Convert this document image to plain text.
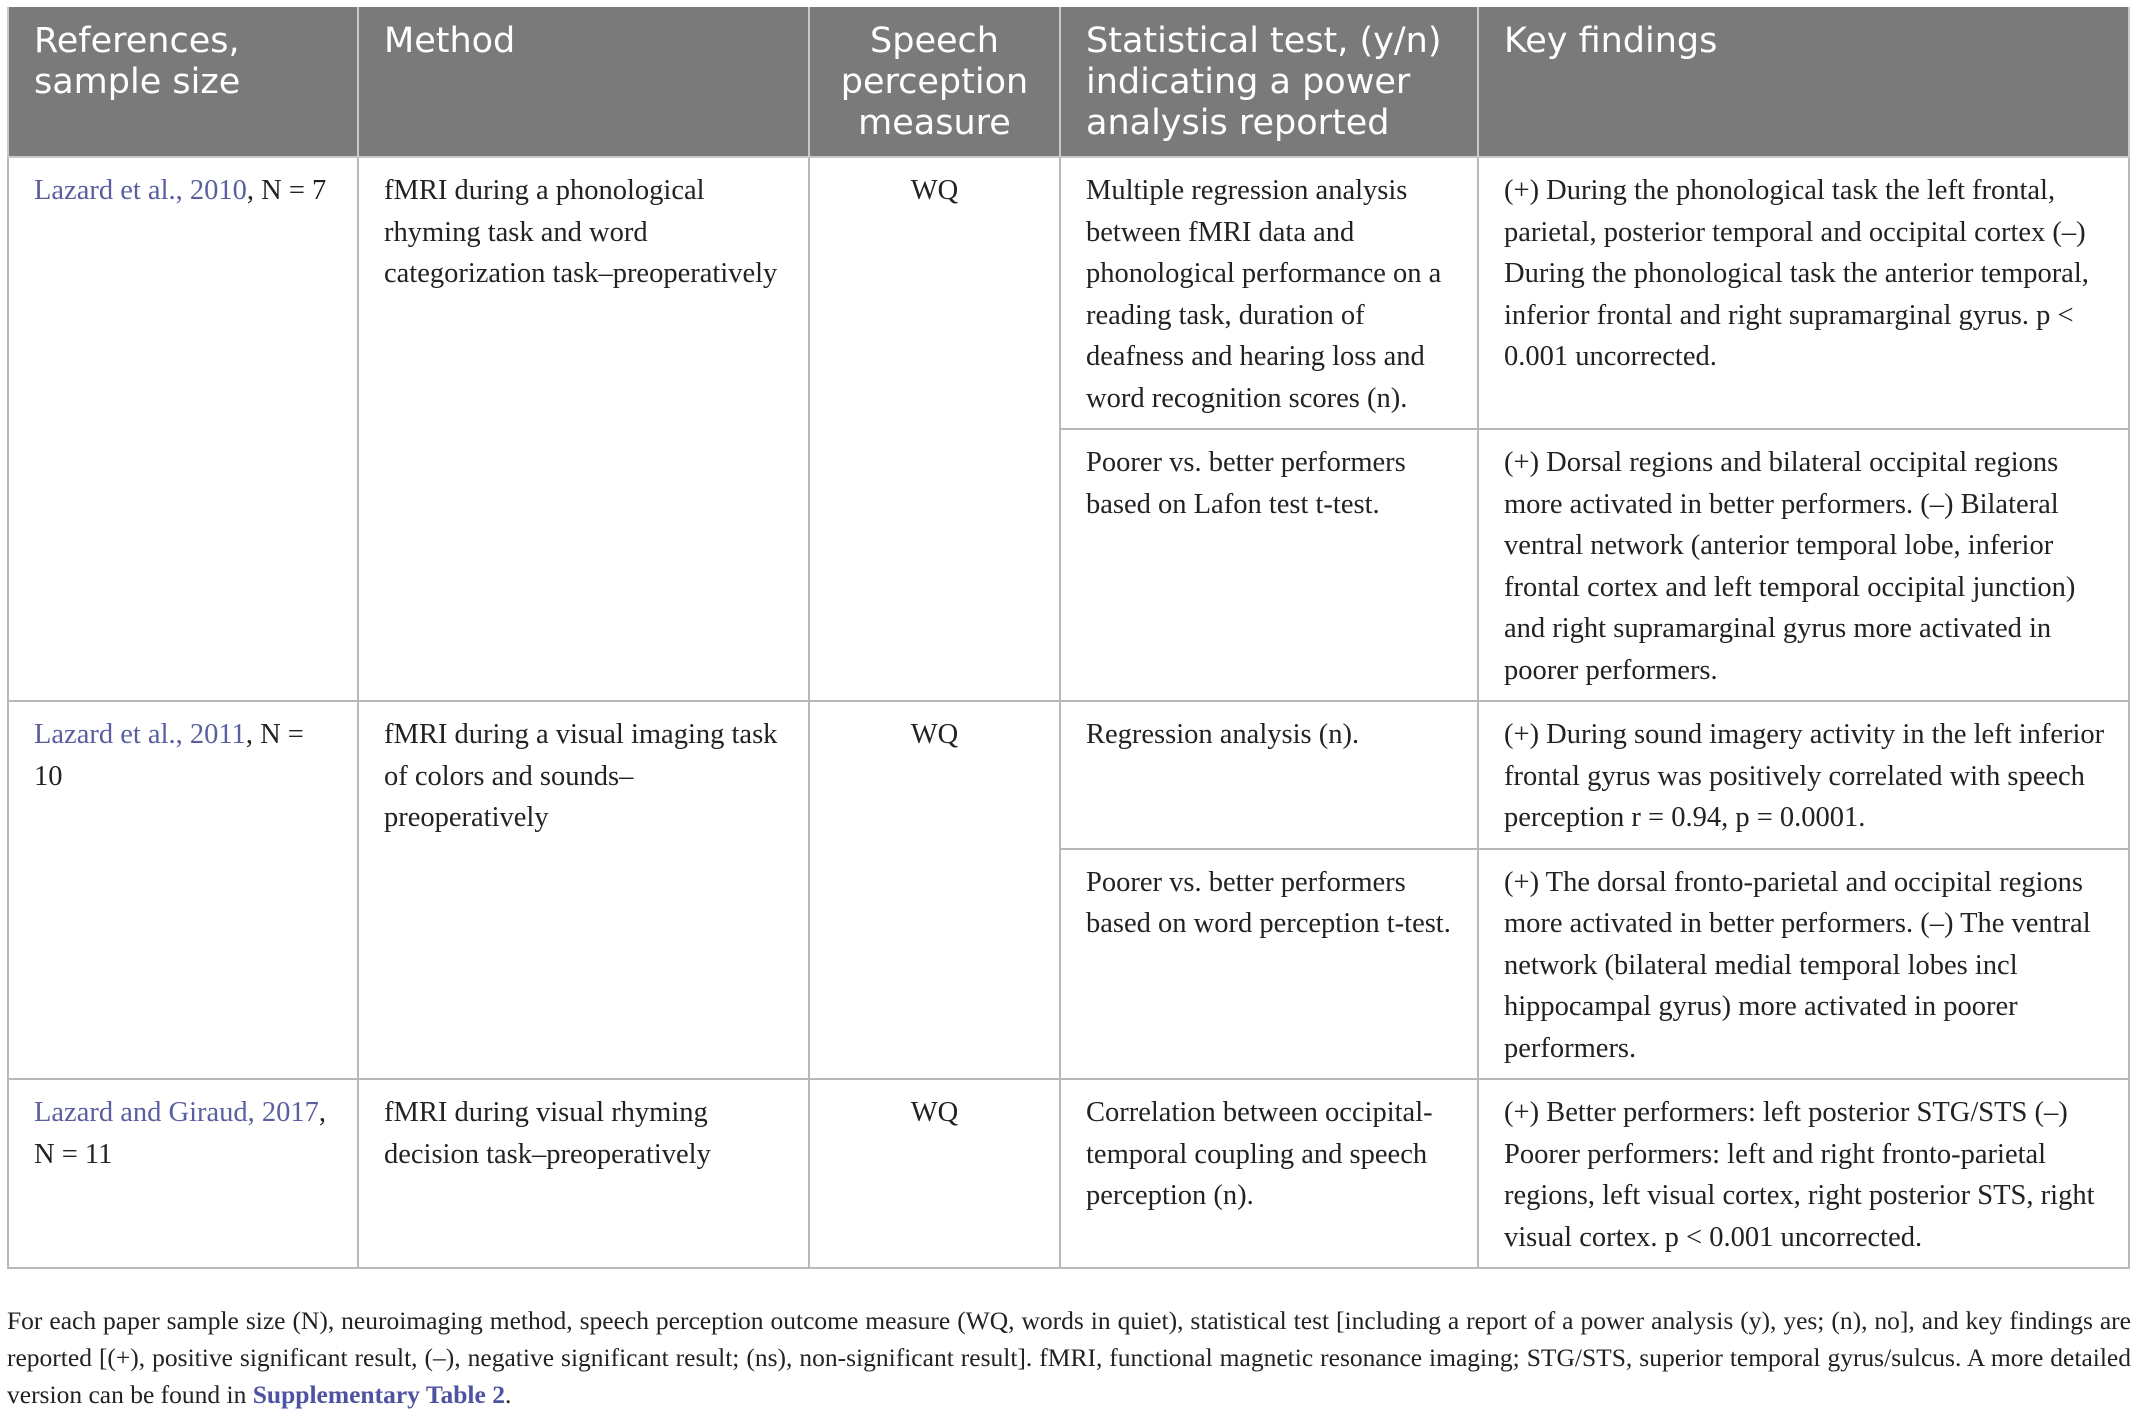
References, sample size	Method	Speech perception measure	Statistical test, (y/n) indicating a power analysis reported	Key findings
Lazard et al., 2010, N = 7	fMRI during a phonological rhyming task and word categorization task–preoperatively	WQ	Multiple regression analysis between fMRI data and phonological performance on a reading task, duration of deafness and hearing loss and word recognition scores (n).	(+) During the phonological task the left frontal, parietal, posterior temporal and occipital cortex (–) During the phonological task the anterior temporal, inferior frontal and right supramarginal gyrus. p < 0.001 uncorrected.
			Poorer vs. better performers based on Lafon test t-test.	(+) Dorsal regions and bilateral occipital regions more activated in better performers. (–) Bilateral ventral network (anterior temporal lobe, inferior frontal cortex and left temporal occipital junction) and right supramarginal gyrus more activated in poorer performers.
Lazard et al., 2011, N = 10	fMRI during a visual imaging task of colors and sounds–preoperatively	WQ	Regression analysis (n).	(+) During sound imagery activity in the left inferior frontal gyrus was positively correlated with speech perception r = 0.94, p = 0.0001.
			Poorer vs. better performers based on word perception t-test.	(+) The dorsal fronto-parietal and occipital regions more activated in better performers. (–) The ventral network (bilateral medial temporal lobes incl hippocampal gyrus) more activated in poorer performers.
Lazard and Giraud, 2017, N = 11	fMRI during visual rhyming decision task–preoperatively	WQ	Correlation between occipital-temporal coupling and speech perception (n).	(+) Better performers: left posterior STG/STS (–) Poorer performers: left and right fronto-parietal regions, left visual cortex, right posterior STS, right visual cortex. p < 0.001 uncorrected.
For each paper sample size (N), neuroimaging method, speech perception outcome measure (WQ, words in quiet), statistical test [including a report of a power analysis (y), yes; (n), no], and key findings are reported [(+), positive significant result, (–), negative significant result; (ns), non-significant result]. fMRI, functional magnetic resonance imaging; STG/STS, superior temporal gyrus/sulcus. A more detailed version can be found in Supplementary Table 2.
